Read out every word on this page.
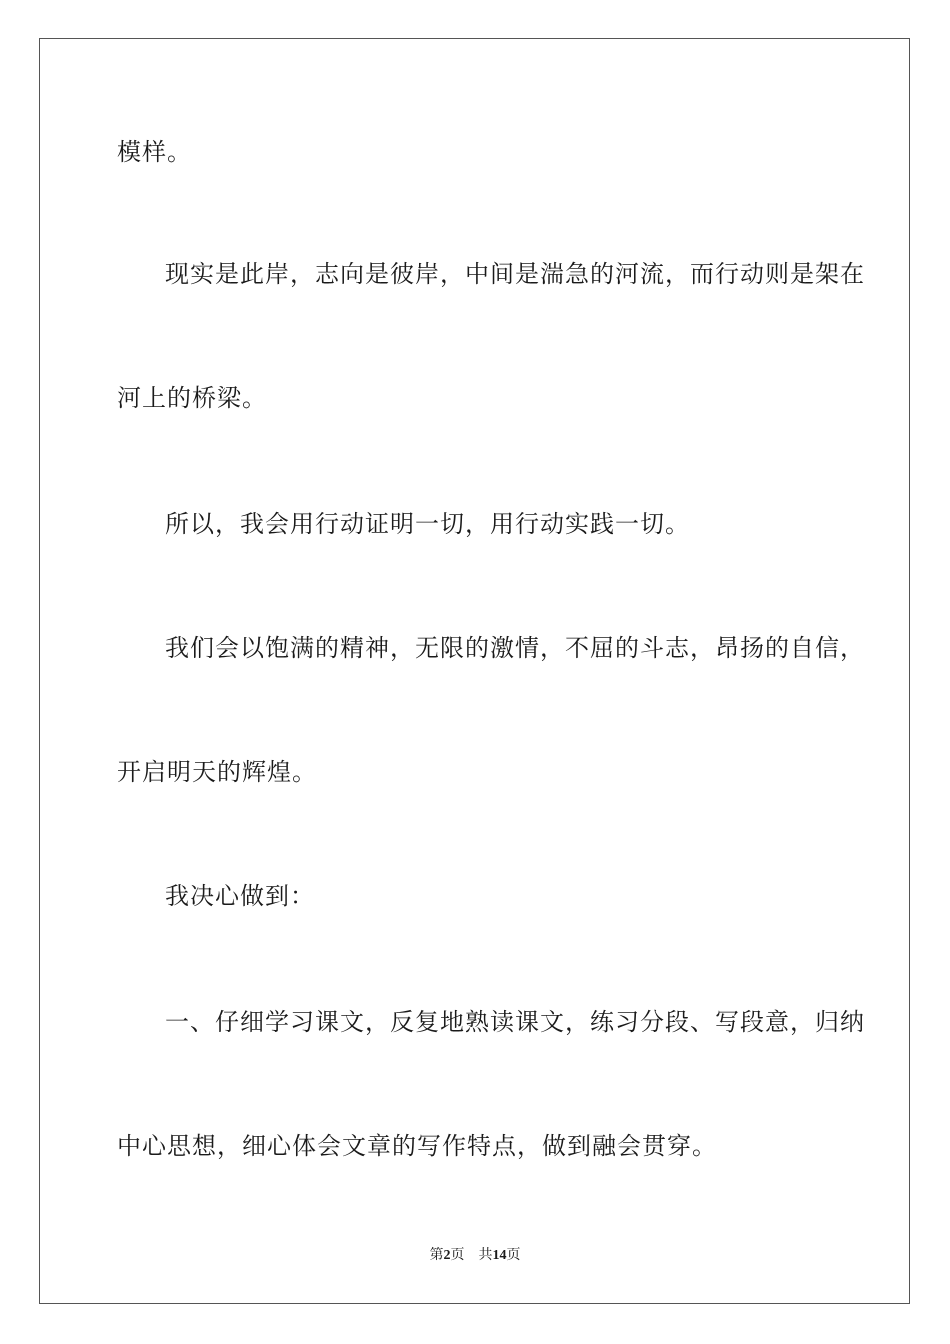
模样。
现实是此岸，志向是彼岸，中间是湍急的河流，而行动则是架在
河上的桥梁。
所以，我会用行动证明一切，用行动实践一切。
我们会以饱满的精神，无限的激情，不屈的斗志，昂扬的自信，
开启明天的辉煌。
我决心做到：
一、仔细学习课文，反复地熟读课文，练习分段、写段意，归纳
中心思想，细心体会文章的写作特点，做到融会贯穿。
第2页 共14页
